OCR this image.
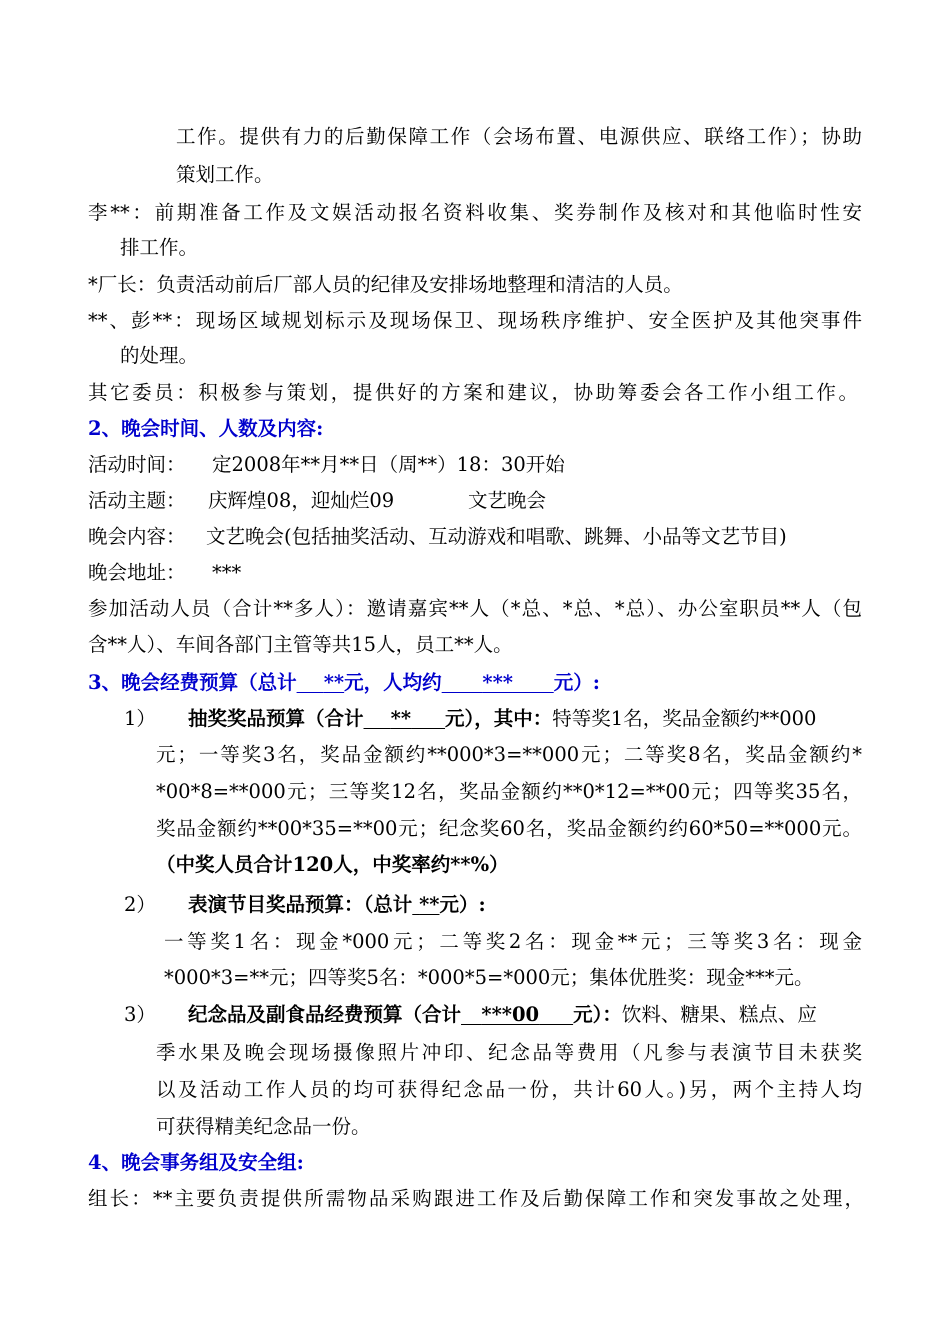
工作。提供有力的后勤保障工作（会场布置、电源供应、联络工作）；协助
策划工作。
李**：前期准备工作及文娱活动报名资料收集、奖券制作及核对和其他临时性安
排工作。
*厂长：负责活动前后厂部人员的纪律及安排场地整理和清洁的人员。
**、彭**：现场区域规划标示及现场保卫、现场秩序维护、安全医护及其他突事件
的处理。
其它委员：积极参与策划，提供好的方案和建议，协助筹委会各工作小组工作。
2、晚会时间、人数及内容:
活动时间： 定2008年**月**日（周**）18：30开始
活动主题： 庆辉煌08，迎灿烂09	文艺晚会
晚会内容： 文艺晚会(包括抽奖活动、互动游戏和唱歌、跳舞、小品等文艺节目)
晚会地址： ***
参加活动人员（合计**多人）：邀请嘉宾**人（*总、*总、*总）、办公室职员**人（包
含**人）、车间各部门主管等共15人，员工**人。
3、晚会经费预算（总计 **元，人均约 *** 元）:
1） 抽奖奖品预算（合计 ** 元），其中：特等奖1名，奖品金额约**000
元；一等奖3名，奖品金额约**000*3=**000元；二等奖8名，奖品金额约*
*00*8=**000元；三等奖12名，奖品金额约**0*12=**00元；四等奖35名，
奖品金额约**00*35=**00元；纪念奖60名，奖品金额约约60*50=**000元。
（中奖人员合计120人，中奖率约**%）
2） 表演节目奖品预算：（总计 **元）:
一等奖1名：现金*000元；二等奖2名：现金**元；三等奖3名：现金
*000*3=**元；四等奖5名：*000*5=*000元；集体优胜奖：现金***元。
3） 纪念品及副食品经费预算（合计 ***00 元）：饮料、糖果、糕点、应
季水果及晚会现场摄像照片冲印、纪念品等费用（凡参与表演节目未获奖
以及活动工作人员的均可获得纪念品一份，共计60人。)另，两个主持人均
可获得精美纪念品一份。
4、晚会事务组及安全组:
组长：**主要负责提供所需物品采购跟进工作及后勤保障工作和突发事故之处理，
